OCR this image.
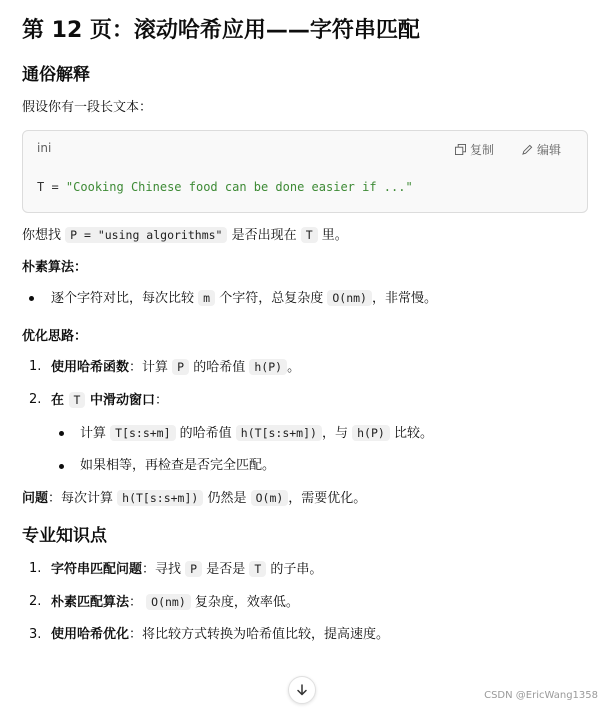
第 12 页：滚动哈希应用——字符串匹配
通俗解释

假设你有一段长文本：

ini	复制	编辑
T = "Cooking Chinese food can be done easier if ..."

你想找 P = "using algorithms" 是否出现在 T 里。

朴素算法：
逐个字符对比，每次比较 m 个字符，总复杂度 O(nm) ，非常慢。
优化思路：
1. 使用哈希函数：计算 P 的哈希值 h(P) 。
2. 在 T 中滑动窗口：
计算 T[s:s+m] 的哈希值 h(T[s:s+m]) ，与 h(P) 比较。
如果相等，再检查是否完全匹配。

问题：每次计算 h(T[s:s+m]) 仍然是 O(m) ，需要优化。

专业知识点
1. 字符串匹配问题：寻找 P 是否是 T 的子串。
2. 朴素匹配算法： O(nm) 复杂度，效率低。
3. 使用哈希优化：将比较方式转换为哈希值比较，提高速度。
CSDN @EricWang1358
